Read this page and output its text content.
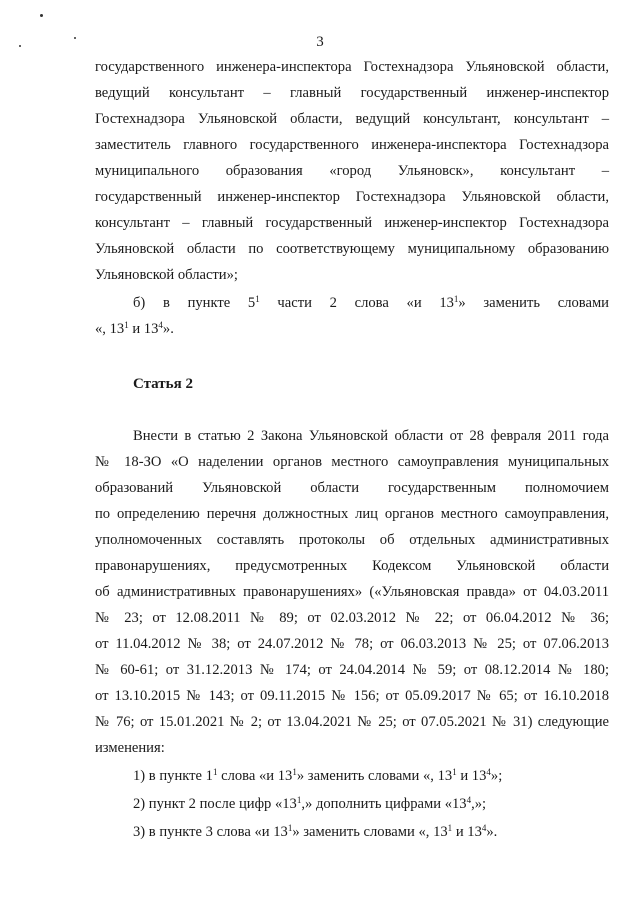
3
государственного инженера-инспектора Гостехнадзора Ульяновской области,
ведущий консультант – главный государственный инженер-инспектор
Гостехнадзора Ульяновской области, ведущий консультант, консультант –
заместитель главного государственного инженера-инспектора Гостехнадзора
муниципального образования «город Ульяновск», консультант –
государственный инженер-инспектор Гостехнадзора Ульяновской области,
консультант – главный государственный инженер-инспектор Гостехнадзора
Ульяновской области по соответствующему муниципальному образованию
Ульяновской области»;
б) в пункте $5^1$ части 2 слова «и $13^1$» заменить словами
«, $13^1$ и $13^4$».
Статья 2
Внести в статью 2 Закона Ульяновской области от 28 февраля 2011 года
№ 18-ЗО «О наделении органов местного самоуправления муниципальных
образований Ульяновской области государственным полномочием
по определению перечня должностных лиц органов местного самоуправления,
уполномоченных составлять протоколы об отдельных административных
правонарушениях, предусмотренных Кодексом Ульяновской области
об административных правонарушениях» («Ульяновская правда» от 04.03.2011
№ 23; от 12.08.2011 № 89; от 02.03.2012 № 22; от 06.04.2012 № 36;
от 11.04.2012 № 38; от 24.07.2012 № 78; от 06.03.2013 № 25; от 07.06.2013
№ 60-61; от 31.12.2013 № 174; от 24.04.2014 № 59; от 08.12.2014 № 180;
от 13.10.2015 № 143; от 09.11.2015 № 156; от 05.09.2017 № 65; от 16.10.2018
№ 76; от 15.01.2021 № 2; от 13.04.2021 № 25; от 07.05.2021 № 31) следующие
изменения:
1) в пункте $1^1$ слова «и $13^1$» заменить словами «, $13^1$ и $13^4$»;
2) пункт 2 после цифр «$13^1$,» дополнить цифрами «$13^4$,»;
3) в пункте 3 слова «и $13^1$» заменить словами «, $13^1$ и $13^4$».
